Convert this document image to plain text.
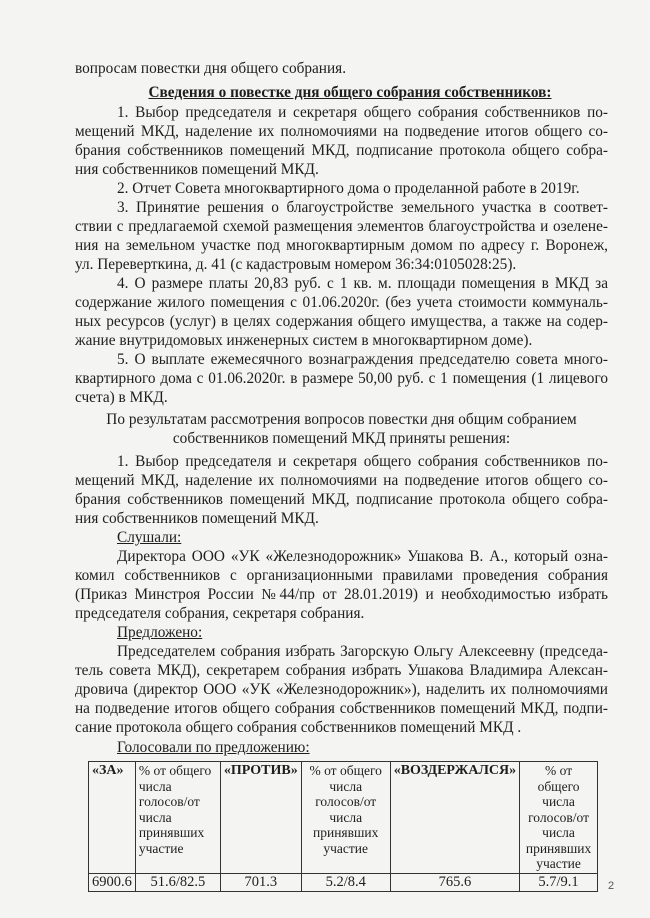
вопросам повестки дня общего собрания.
Сведения о повестке дня общего собрания собственников:
1. Выбор председателя и секретаря общего собрания собственников по-
мещений МКД, наделение их полномочиями на подведение итогов общего со-
брания собственников помещений МКД, подписание протокола общего собра-
ния собственников помещений МКД.
2. Отчет Совета многоквартирного дома о проделанной работе в 2019г.
3. Принятие решения о благоустройстве земельного участка в соответ-
ствии с предлагаемой схемой размещения элементов благоустройства и озелене-
ния на земельном участке под многоквартирным домом по адресу г. Воронеж,
ул. Переверткина, д. 41 (с кадастровым номером 36:34:0105028:25).
4. О размере платы 20,83 руб. с 1 кв. м. площади помещения в МКД за
содержание жилого помещения с 01.06.2020г. (без учета стоимости коммуналь-
ных ресурсов (услуг) в целях содержания общего имущества, а также на содер-
жание внутридомовых инженерных систем в многоквартирном доме).
5. О выплате ежемесячного вознаграждения председателю совета много-
квартирного дома с 01.06.2020г. в размере 50,00 руб. с 1 помещения (1 лицевого
счета) в МКД.
По результатам рассмотрения вопросов повестки дня общим собранием
собственников помещений МКД приняты решения:
1. Выбор председателя и секретаря общего собрания собственников по-
мещений МКД, наделение их полномочиями на подведение итогов общего со-
брания собственников помещений МКД, подписание протокола общего собра-
ния собственников помещений МКД.
Слушали:
Директора ООО «УК «Железнодорожник» Ушакова В. А., который озна-
комил собственников с организационными правилами проведения собрания
(Приказ Минстроя России №44/пр от 28.01.2019) и необходимостью избрать
председателя собрания, секретаря собрания.
Предложено:
Председателем собрания избрать Загорскую Ольгу Алексеевну (председа-
тель совета МКД), секретарем собрания избрать Ушакова Владимира Алексан-
дровича (директор ООО «УК «Железнодорожник»), наделить их полномочиями
на подведение итогов общего собрания собственников помещений МКД, подпи-
сание протокола общего собрания собственников помещений МКД .
Голосовали по предложению:
«ЗА»	% от общего числа голосов/от числа принявших участие	«ПРОТИВ»	% от общего числа голосов/от числа принявших участие	«ВОЗДЕРЖАЛСЯ»	% от общего числа голосов/от числа принявших участие
6900.6	51.6/82.5	701.3	5.2/8.4	765.6	5.7/9.1	2
